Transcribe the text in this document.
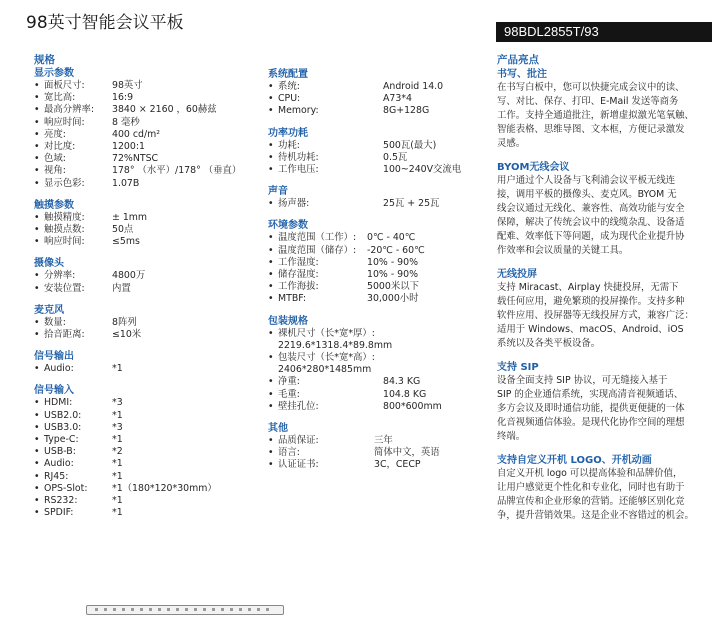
98英寸智能会议平板	98BDL2855T/93
规格
显示参数
• 面板尺寸:	98英寸
• 宽比高:	16:9
• 最高分辨率:	3840 × 2160 ，60赫兹
• 响应时间:	8 毫秒
• 亮度:	400 cd/m²
• 对比度:	1200:1
• 色域:	72%NTSC
• 视角:	178° （水平）/178° （垂直）
• 显示色彩:	1.07B
触摸参数
• 触摸精度:	± 1mm
• 触摸点数:	50点
• 响应时间:	≤5ms
摄像头
• 分辨率:	4800万
• 安装位置:	内置
麦克风
• 数量:	8阵列
• 拾音距离:	≤10米
信号输出
• Audio:	*1
信号输入
• HDMI:	*3
• USB2.0:	*1
• USB3.0:	*3
• Type-C:	*1
• USB-B:	*2
• Audio:	*1
• RJ45:	*1
• OPS-Slot:	*1（180*120*30mm）
• RS232:	*1
• SPDIF:	*1
系统配置
• 系统:	Android 14.0
• CPU:	A73*4
• Memory:	8G+128G
功率功耗
• 功耗:	500瓦(最大)
• 待机功耗:	0.5瓦
• 工作电压:	100~240V交流电
声音
• 扬声器:	25瓦 + 25瓦
环境参数
• 温度范围（工作）:	0℃ - 40℃
• 温度范围（储存）:	-20℃ - 60℃
• 工作湿度:	10% - 90%
• 储存湿度:	10% - 90%
• 工作海拔:	5000米以下
• MTBF:	30,000小时
包装规格
• 裸机尺寸（长*宽*厚）:
2219.6*1318.4*89.8mm
• 包装尺寸（长*宽*高）:
2406*280*1485mm
• 净重:	84.3 KG
• 毛重:	104.8 KG
• 壁挂孔位:	800*600mm
其他
• 品质保证:	三年
• 语言:	简体中文，英语
• 认证证书:	3C，CECP
产品亮点
书写、批注
在书写白板中，您可以快捷完成会议中的读、
写、对比、保存、打印、E-Mail 发送等商务
工作。支持全通道批注，新增虚拟激光笔氧触、
智能表格、思维导图、文本框，方便记录激发
灵感。
BYOM无线会议
用户通过个人设备与飞利浦会议平板无线连
接，调用平板的摄像头、麦克风。BYOM 无
线会议通过无线化、兼容性、高效功能与安全
保障，解决了传统会议中的线缆杂乱、设备适
配难、效率低下等问题，成为现代企业提升协
作效率和会议质量的关键工具。
无线投屏
支持 Miracast、Airplay 快捷投屏，无需下
载任何应用，避免繁琐的投屏操作。支持多种
软件应用、投屏器等无线投屏方式，兼容广泛：
适用于 Windows、macOS、Android、iOS
系统以及各类平板设备。
支持 SIP
设备全面支持 SIP 协议，可无缝接入基于
SIP 的企业通信系统，实现高清音视频通话、
多方会议及即时通信功能，提供更便捷的一体
化音视频通信体验。是现代化协作空间的理想
终端。
支持自定义开机 LOGO、开机动画
自定义开机 logo 可以提高体验和品牌价值，
让用户感觉更个性化和专业化，同时也有助于
品牌宣传和企业形象的营销。还能够区别化竞
争，提升营销效果。这是企业不容错过的机会。
